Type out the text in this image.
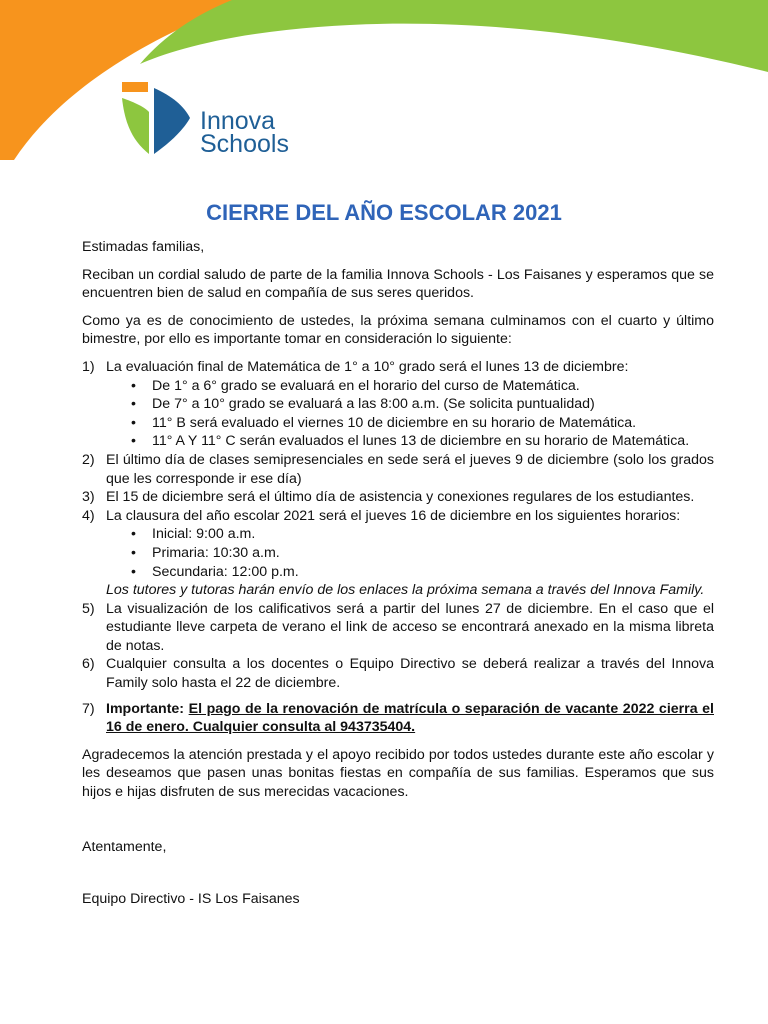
Innova
Schools
CIERRE DEL AÑO ESCOLAR 2021

Estimadas familias,

Reciban un cordial saludo de parte de la familia Innova Schools - Los Faisanes y esperamos que se encuentren bien de salud en compañía de sus seres queridos.

Como ya es de conocimiento de ustedes, la próxima semana culminamos con el cuarto y último bimestre, por ello es importante tomar en consideración lo siguiente:

1) La evaluación final de Matemática de 1° a 10° grado será el lunes 13 de diciembre:
• De 1° a 6° grado se evaluará en el horario del curso de Matemática.
• De 7° a 10° grado se evaluará a las 8:00 a.m. (Se solicita puntualidad)
• 11° B será evaluado el viernes 10 de diciembre en su horario de Matemática.
• 11° A Y 11° C serán evaluados el lunes 13 de diciembre en su horario de Matemática.
2) El último día de clases semipresenciales en sede será el jueves 9 de diciembre (solo los grados que les corresponde ir ese día)
3) El 15 de diciembre será el último día de asistencia y conexiones regulares de los estudiantes.
4) La clausura del año escolar 2021 será el jueves 16 de diciembre en los siguientes horarios:
• Inicial: 9:00 a.m.
• Primaria: 10:30 a.m.
• Secundaria: 12:00 p.m.
Los tutores y tutoras harán envío de los enlaces la próxima semana a través del Innova Family.
5) La visualización de los calificativos será a partir del lunes 27 de diciembre. En el caso que el estudiante lleve carpeta de verano el link de acceso se encontrará anexado en la misma libreta de notas.
6) Cualquier consulta a los docentes o Equipo Directivo se deberá realizar a través del Innova Family solo hasta el 22 de diciembre.
7) Importante: El pago de la renovación de matrícula o separación de vacante 2022 cierra el 16 de enero. Cualquier consulta al 943735404.

Agradecemos la atención prestada y el apoyo recibido por todos ustedes durante este año escolar y les deseamos que pasen unas bonitas fiestas en compañía de sus familias. Esperamos que sus hijos e hijas disfruten de sus merecidas vacaciones.

Atentamente,

Equipo Directivo - IS Los Faisanes
